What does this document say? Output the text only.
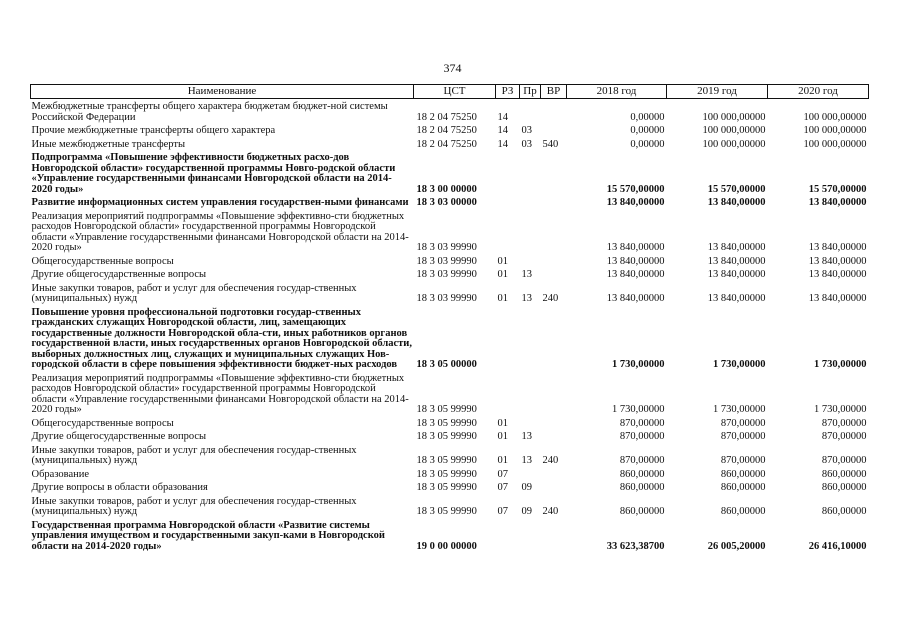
374
Наименование	ЦСТ	РЗ	Пр	ВР	2018 год	2019 год	2020 год
Межбюджетные трансферты общего характера бюджетам бюджет-ной системы Российской Федерации	18 2 04 75250	14			0,00000	100 000,00000	100 000,00000
Прочие межбюджетные трансферты общего характера	18 2 04 75250	14	03		0,00000	100 000,00000	100 000,00000
Иные межбюджетные трансферты	18 2 04 75250	14	03	540	0,00000	100 000,00000	100 000,00000
Подпрограмма «Повышение эффективности бюджетных расхо-дов Новгородской области» государственной программы Новго-родской области «Управление государственными финансами Новгородской области на 2014-2020 годы»	18 3 00 00000				15 570,00000	15 570,00000	15 570,00000
Развитие информационных систем управления государствен-ными финансами	18 3 03 00000				13 840,00000	13 840,00000	13 840,00000
Реализация мероприятий подпрограммы «Повышение эффективно-сти бюджетных расходов Новгородской области» государственной программы Новгородской области «Управление государственными финансами Новгородской области на 2014-2020 годы»	18 3 03 99990				13 840,00000	13 840,00000	13 840,00000
Общегосударственные вопросы	18 3 03 99990	01			13 840,00000	13 840,00000	13 840,00000
Другие общегосударственные вопросы	18 3 03 99990	01	13		13 840,00000	13 840,00000	13 840,00000
Иные закупки товаров, работ и услуг для обеспечения государ-ственных (муниципальных) нужд	18 3 03 99990	01	13	240	13 840,00000	13 840,00000	13 840,00000
Повышение уровня профессиональной подготовки государ-ственных гражданских служащих Новгородской области, лиц, замещающих государственные должности Новгородской обла-сти, иных работников органов государственной власти, иных государственных органов Новгородской области, выборных должностных лиц, служащих и муниципальных служащих Нов-городской области в сфере повышения эффективности бюджет-ных расходов	18 3 05 00000				1 730,00000	1 730,00000	1 730,00000
Реализация мероприятий подпрограммы «Повышение эффективно-сти бюджетных расходов Новгородской области» государственной программы Новгородской области «Управление государственными финансами Новгородской области на 2014-2020 годы»	18 3 05 99990				1 730,00000	1 730,00000	1 730,00000
Общегосударственные вопросы	18 3 05 99990	01			870,00000	870,00000	870,00000
Другие общегосударственные вопросы	18 3 05 99990	01	13		870,00000	870,00000	870,00000
Иные закупки товаров, работ и услуг для обеспечения государ-ственных (муниципальных) нужд	18 3 05 99990	01	13	240	870,00000	870,00000	870,00000
Образование	18 3 05 99990	07			860,00000	860,00000	860,00000
Другие вопросы в области образования	18 3 05 99990	07	09		860,00000	860,00000	860,00000
Иные закупки товаров, работ и услуг для обеспечения государ-ственных (муниципальных) нужд	18 3 05 99990	07	09	240	860,00000	860,00000	860,00000
Государственная программа Новгородской области «Развитие системы управления имуществом и государственными закуп-ками в Новгородской области на 2014-2020 годы»	19 0 00 00000				33 623,38700	26 005,20000	26 416,10000
